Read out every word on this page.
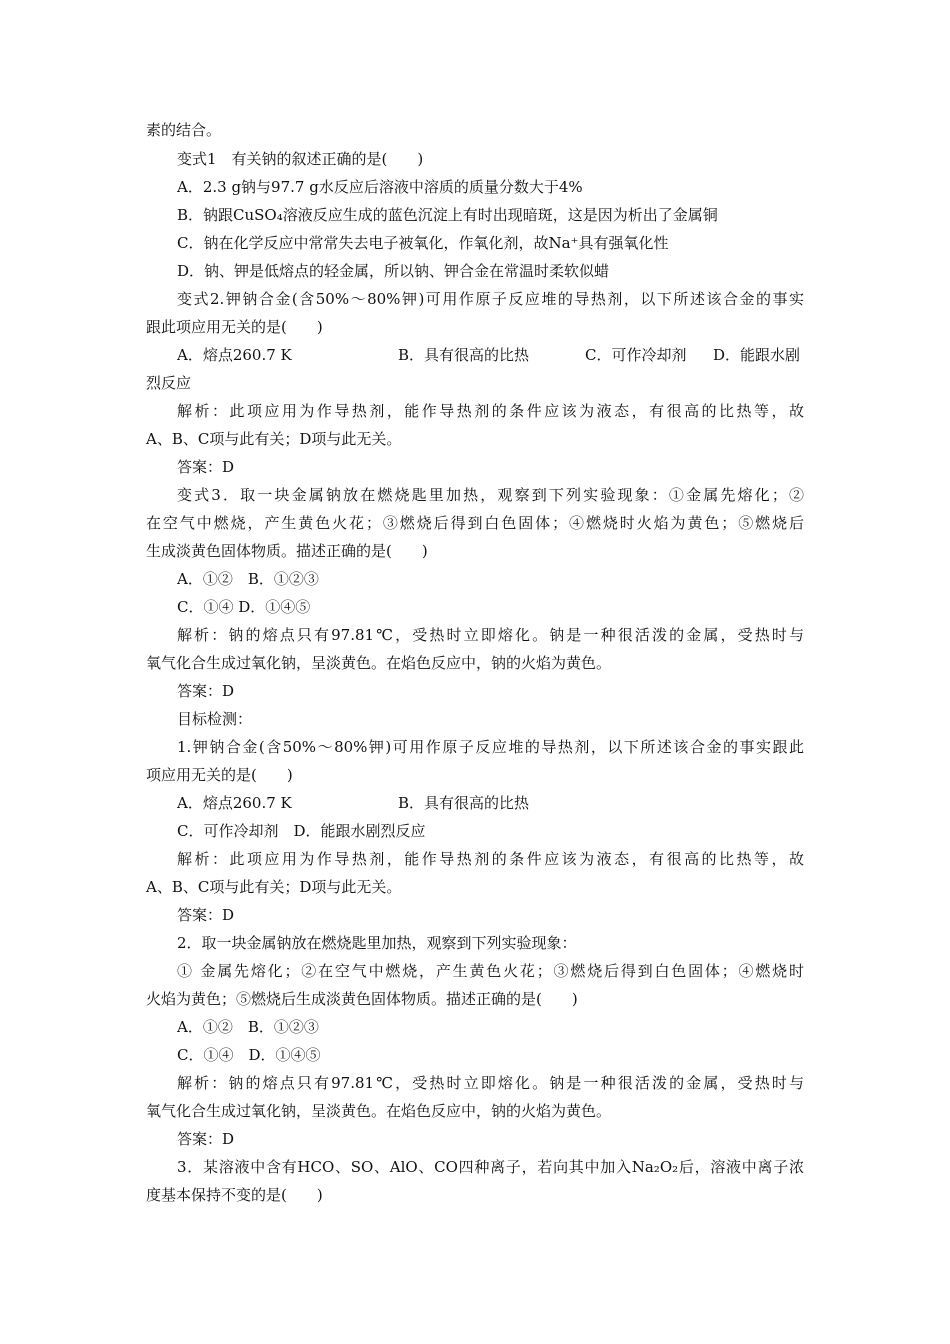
素的结合。
变式1　有关钠的叙述正确的是(　　)
A．2.3 g钠与97.7 g水反应后溶液中溶质的质量分数大于4%
B．钠跟CuSO₄溶液反应生成的蓝色沉淀上有时出现暗斑，这是因为析出了金属铜
C．钠在化学反应中常常失去电子被氧化，作氧化剂，故Na⁺具有强氧化性
D．钠、钾是低熔点的轻金属，所以钠、钾合金在常温时柔软似蜡
变式2.钾钠合金(含50%～80%钾)可用作原子反应堆的导热剂，以下所述该合金的事实
跟此项应用无关的是(　　)
A．熔点260.7 K	B．具有很高的比热	C．可作冷却剂 D．能跟水剧
烈反应
解析：此项应用为作导热剂，能作导热剂的条件应该为液态，有很高的比热等，故
A、B、C项与此有关；D项与此无关。
答案：D
变式3．取一块金属钠放在燃烧匙里加热，观察到下列实验现象：①金属先熔化；②
在空气中燃烧，产生黄色火花；③燃烧后得到白色固体；④燃烧时火焰为黄色；⑤燃烧后
生成淡黄色固体物质。描述正确的是(　　)
A．①②　B．①②③
C．①④ D．①④⑤
解析：钠的熔点只有97.81℃，受热时立即熔化。钠是一种很活泼的金属，受热时与
氧气化合生成过氧化钠，呈淡黄色。在焰色反应中，钠的火焰为黄色。
答案：D
目标检测：
1.钾钠合金(含50%～80%钾)可用作原子反应堆的导热剂，以下所述该合金的事实跟此
项应用无关的是(　　)
A．熔点260.7 K	B．具有很高的比热
C．可作冷却剂　D．能跟水剧烈反应
解析：此项应用为作导热剂，能作导热剂的条件应该为液态，有很高的比热等，故
A、B、C项与此有关；D项与此无关。
答案：D
2．取一块金属钠放在燃烧匙里加热，观察到下列实验现象：
① 金属先熔化；②在空气中燃烧，产生黄色火花；③燃烧后得到白色固体；④燃烧时
火焰为黄色；⑤燃烧后生成淡黄色固体物质。描述正确的是(　　)
A．①②　B．①②③
C．①④　D．①④⑤
解析：钠的熔点只有97.81℃，受热时立即熔化。钠是一种很活泼的金属，受热时与
氧气化合生成过氧化钠，呈淡黄色。在焰色反应中，钠的火焰为黄色。
答案：D
3．某溶液中含有HCO、SO、AlO、CO四种离子，若向其中加入Na₂O₂后，溶液中离子浓
度基本保持不变的是(　　)
